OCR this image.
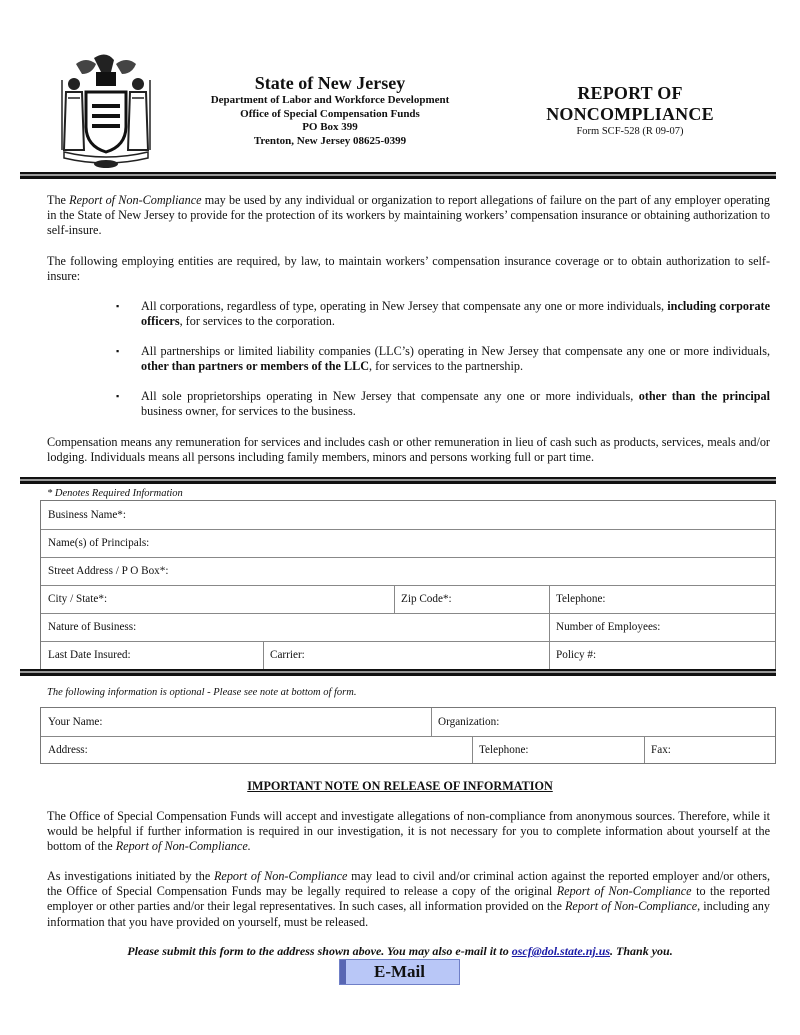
State of New Jersey
Department of Labor and Workforce Development
Office of Special Compensation Funds
PO Box 399
Trenton, New Jersey 08625-0399
REPORT OF
NONCOMPLIANCE
Form SCF-528 (R 09-07)
The Report of Non-Compliance may be used by any individual or organization to report allegations of failure on the part of any employer operating in the State of New Jersey to provide for the protection of its workers by maintaining workers’ compensation insurance or obtaining authorization to self-insure.
The following employing entities are required, by law, to maintain workers’ compensation insurance coverage or to obtain authorization to self-insure:
▪ All corporations, regardless of type, operating in New Jersey that compensate any one or more individuals, including corporate officers, for services to the corporation.
▪ All partnerships or limited liability companies (LLC’s) operating in New Jersey that compensate any one or more individuals, other than partners or members of the LLC, for services to the partnership.
▪ All sole proprietorships operating in New Jersey that compensate any one or more individuals, other than the principal business owner, for services to the business.
Compensation means any remuneration for services and includes cash or other remuneration in lieu of cash such as products, services, meals and/or lodging. Individuals means all persons including family members, minors and persons working full or part time.
* Denotes Required Information
Business Name*:
Name(s) of Principals:
Street Address / P O Box*:
City / State*:	Zip Code*:	Telephone:
Nature of Business:	Number of Employees:
Last Date Insured:	Carrier:	Policy #:
The following information is optional - Please see note at bottom of form.
Your Name:	Organization:
Address:	Telephone:	Fax:
IMPORTANT NOTE ON RELEASE OF INFORMATION
The Office of Special Compensation Funds will accept and investigate allegations of non-compliance from anonymous sources. Therefore, while it would be helpful if further information is required in our investigation, it is not necessary for you to complete information about yourself at the bottom of the Report of Non-Compliance.
As investigations initiated by the Report of Non-Compliance may lead to civil and/or criminal action against the reported employer and/or others, the Office of Special Compensation Funds may be legally required to release a copy of the original Report of Non-Compliance to the reported employer or other parties and/or their legal representatives. In such cases, all information provided on the Report of Non-Compliance, including any information that you have provided on yourself, must be released.
Please submit this form to the address shown above. You may also e-mail it to oscf@dol.state.nj.us. Thank you.
E-Mail
